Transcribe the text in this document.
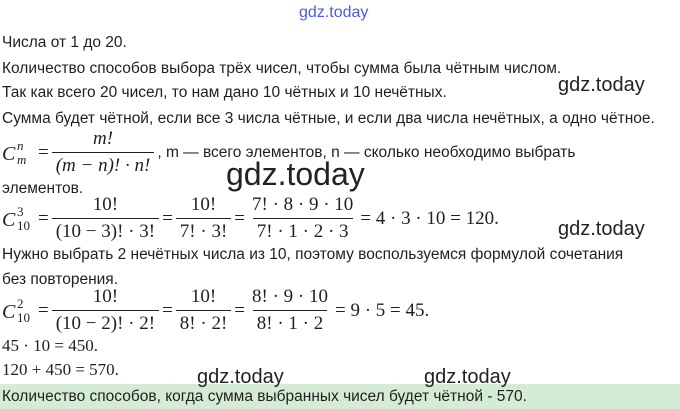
gdz.today
Числа от 1 до 20.
Количество способов выбора трёх чисел, чтобы сумма была чётным числом.
Так как всего 20 чисел, то нам дано 10 чётных и 10 нечётных.	gdz.today
Сумма будет чётной, если все 3 числа чётные, и если два числа нечётных, а одно чётное.
C n
$m = \frac{m!}{(m - n)! \cdot n!}$ , m — всего элементов, n — сколько необходимо выбрать
gdz.today
элементов.
C 3
$10 = \frac{10!}{(10 - 3)! \cdot 3!} = \frac{10!}{7! \cdot 3!} = \frac{7! \cdot 8 \cdot 9 \cdot 10}{7! \cdot 1 \cdot 2 \cdot 3} = 4 \cdot 3 \cdot 10 = 120$.	gdz.today
Нужно выбрать 2 нечётных числа из 10, поэтому воспользуемся формулой сочетания
без повторения.
C 2
$10 = \frac{10!}{(10 - 2)! \cdot 2!} = \frac{10!}{8! \cdot 2!} = \frac{8! \cdot 9 \cdot 10}{8! \cdot 1 \cdot 2} = 9 \cdot 5 = 45$.
45 · 10 = 450.
120 + 450 = 570.	gdz.today	gdz.today
Количество способов, когда сумма выбранных чисел будет чётной - 570.
